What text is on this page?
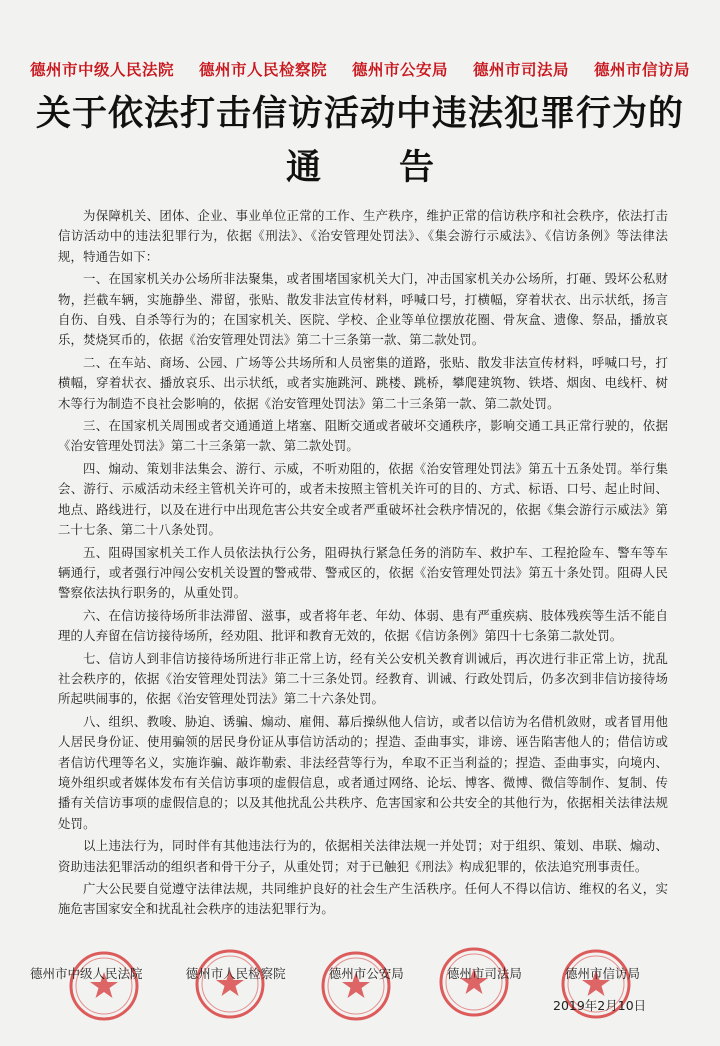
德州市中级人民法院 德州市人民检察院 德州市公安局 德州市司法局 德州市信访局
关于依法打击信访活动中违法犯罪行为的
通告

为保障机关、团体、企业、事业单位正常的工作、生产秩序，维护正常的信访秩序和社会秩序，依法打击信访活动中的违法犯罪行为，依据《刑法》、《治安管理处罚法》、《集会游行示威法》、《信访条例》等法律法规，特通告如下：

一、在国家机关办公场所非法聚集，或者围堵国家机关大门，冲击国家机关办公场所，打砸、毁坏公私财物，拦截车辆，实施静坐、滞留，张贴、散发非法宣传材料，呼喊口号，打横幅，穿着状衣、出示状纸，扬言自伤、自残、自杀等行为的；在国家机关、医院、学校、企业等单位摆放花圈、骨灰盒、遗像、祭品，播放哀乐，焚烧冥币的，依据《治安管理处罚法》第二十三条第一款、第二款处罚。

二、在车站、商场、公园、广场等公共场所和人员密集的道路，张贴、散发非法宣传材料，呼喊口号，打横幅，穿着状衣、播放哀乐、出示状纸，或者实施跳河、跳楼、跳桥，攀爬建筑物、铁塔、烟囱、电线杆、树木等行为制造不良社会影响的，依据《治安管理处罚法》第二十三条第一款、第二款处罚。

三、在国家机关周围或者交通通道上堵塞、阻断交通或者破坏交通秩序，影响交通工具正常行驶的，依据《治安管理处罚法》第二十三条第一款、第二款处罚。

四、煽动、策划非法集会、游行、示威，不听劝阻的，依据《治安管理处罚法》第五十五条处罚。举行集会、游行、示威活动未经主管机关许可的，或者未按照主管机关许可的目的、方式、标语、口号、起止时间、地点、路线进行，以及在进行中出现危害公共安全或者严重破坏社会秩序情况的，依据《集会游行示威法》第二十七条、第二十八条处罚。

五、阻碍国家机关工作人员依法执行公务，阻碍执行紧急任务的消防车、救护车、工程抢险车、警车等车辆通行，或者强行冲闯公安机关设置的警戒带、警戒区的，依据《治安管理处罚法》第五十条处罚。阻碍人民警察依法执行职务的，从重处罚。

六、在信访接待场所非法滞留、滋事，或者将年老、年幼、体弱、患有严重疾病、肢体残疾等生活不能自理的人弃留在信访接待场所，经劝阻、批评和教育无效的，依据《信访条例》第四十七条第二款处罚。

七、信访人到非信访接待场所进行非正常上访，经有关公安机关教育训诫后，再次进行非正常上访，扰乱社会秩序的，依据《治安管理处罚法》第二十三条处罚。经教育、训诫、行政处罚后，仍多次到非信访接待场所起哄闹事的，依据《治安管理处罚法》第二十六条处罚。

八、组织、教唆、胁迫、诱骗、煽动、雇佣、幕后操纵他人信访，或者以信访为名借机敛财，或者冒用他人居民身份证、使用骗领的居民身份证从事信访活动的；捏造、歪曲事实，诽谤、诬告陷害他人的；借信访或者信访代理等名义，实施诈骗、敲诈勒索、非法经营等行为，牟取不正当利益的；捏造、歪曲事实，向境内、境外组织或者媒体发布有关信访事项的虚假信息，或者通过网络、论坛、博客、微博、微信等制作、复制、传播有关信访事项的虚假信息的；以及其他扰乱公共秩序、危害国家和公共安全的其他行为，依据相关法律法规处罚。

以上违法行为，同时伴有其他违法行为的，依据相关法律法规一并处罚；对于组织、策划、串联、煽动、资助违法犯罪活动的组织者和骨干分子，从重处罚；对于已触犯《刑法》构成犯罪的，依法追究刑事责任。

广大公民要自觉遵守法律法规，共同维护良好的社会生产生活秩序。任何人不得以信访、维权的名义，实施危害国家安全和扰乱社会秩序的违法犯罪行为。

德州市中级人民法院	德州市人民检察院	德州市公安局	德州市司法局	德州市信访局
2019年2月10日
